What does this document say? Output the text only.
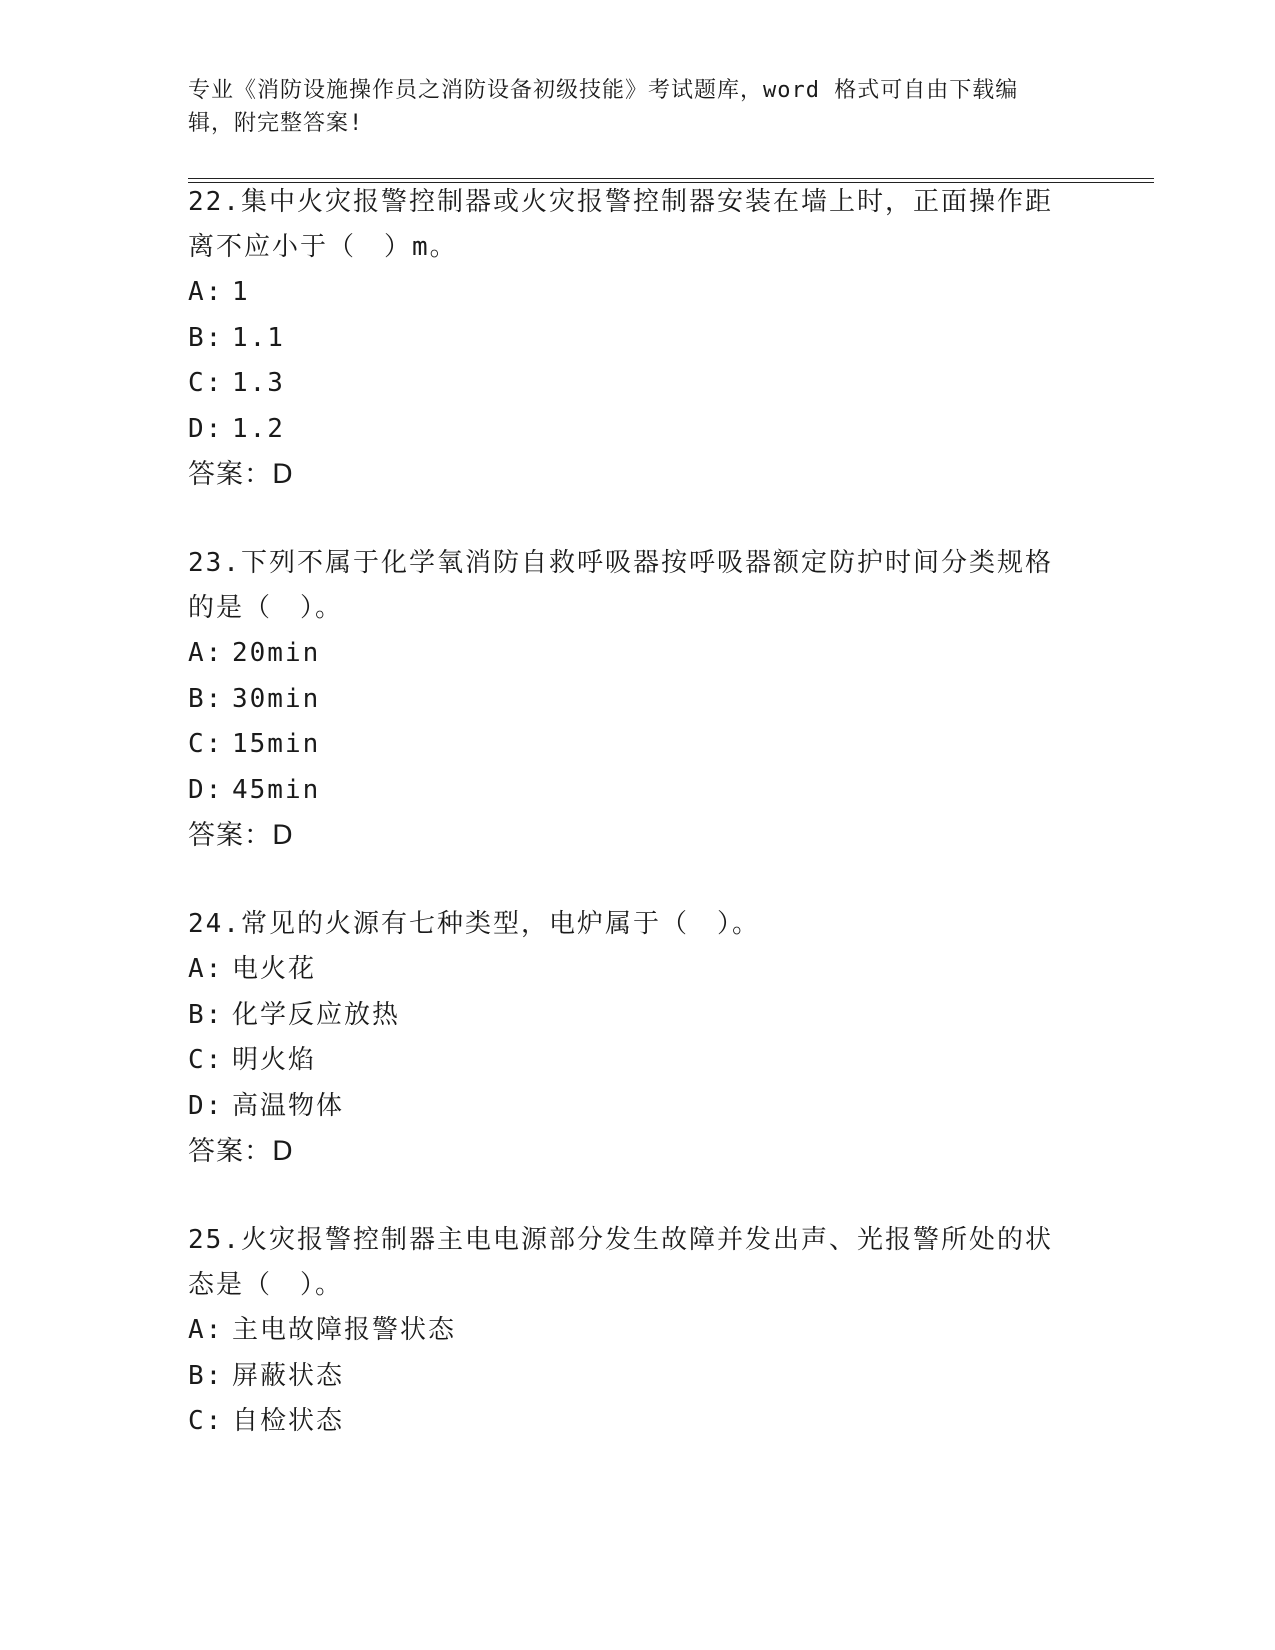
专业《消防设施操作员之消防设备初级技能》考试题库，word 格式可自由下载编
辑，附完整答案!

22.集中火灾报警控制器或火灾报警控制器安装在墙上时，正面操作距

离不应小于（　）m。

A: 1

B: 1.1

C: 1.3

D: 1.2

答案：D

23.下列不属于化学氧消防自救呼吸器按呼吸器额定防护时间分类规格

的是（　）。

A: 20min

B: 30min

C: 15min

D: 45min

答案：D

24.常见的火源有七种类型，电炉属于（　）。

A: 电火花

B: 化学反应放热

C: 明火焰

D: 高温物体

答案：D

25.火灾报警控制器主电电源部分发生故障并发出声、光报警所处的状

态是（　）。

A: 主电故障报警状态

B: 屏蔽状态

C: 自检状态
